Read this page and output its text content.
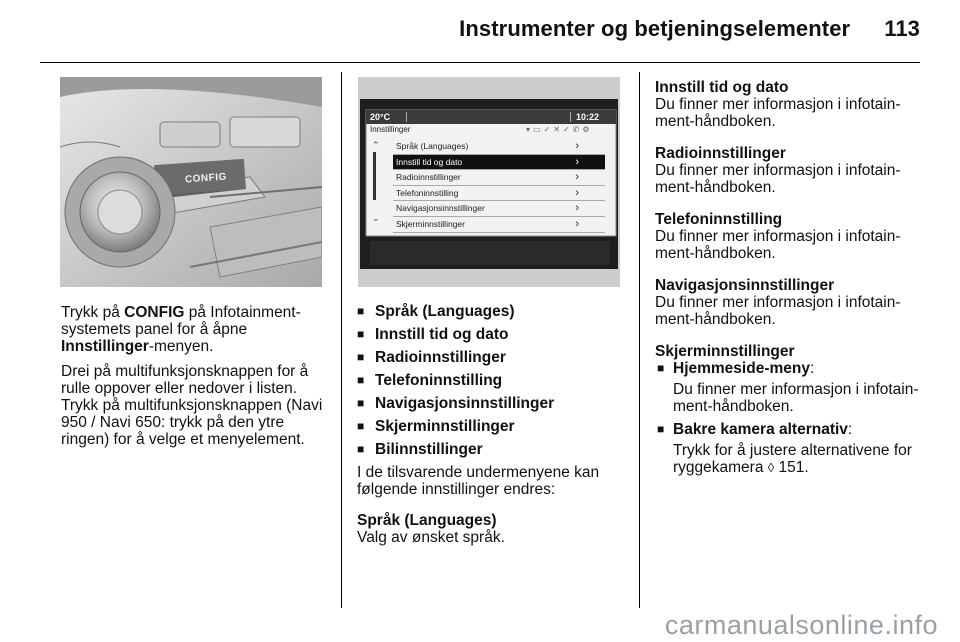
Instrumenter og betjeningselementer 113
CONFIG
20°C	10:22
Innstillinger	▾▭✓✕✓✆⚙
⌃
⌄
Språk (Languages)	›
Innstill tid og dato	›
Radioinnstillinger	›
Telefoninnstilling	›
Navigasjonsinnstillinger	›
Skjerminnstillinger	›

Trykk på CONFIG på Infotainment-systemets panel for å åpne Innstillinger-menyen.

Drei på multifunksjonsknappen for å rulle oppover eller nedover i listen. Trykk på multifunksjonsknappen (Navi 950 / Navi 650: trykk på den ytre ringen) for å velge et menyelement.

■ Språk (Languages)
■ Innstill tid og dato
■ Radioinnstillinger
■ Telefoninnstilling
■ Navigasjonsinnstillinger
■ Skjerminnstillinger
■ Bilinnstillinger

I de tilsvarende undermenyene kan følgende innstillinger endres:

Språk (Languages)
Valg av ønsket språk.
Innstill tid og dato
Du finner mer informasjon i infotain-ment-håndboken.
Radioinnstillinger
Du finner mer informasjon i infotain-ment-håndboken.
Telefoninnstilling
Du finner mer informasjon i infotain-ment-håndboken.
Navigasjonsinnstillinger
Du finner mer informasjon i infotain-ment-håndboken.
Skjerminnstillinger
■ Hjemmeside-meny:
Du finner mer informasjon i infotain-ment-håndboken.
■ Bakre kamera alternativ:
Trykk for å justere alternativene for ryggekamera ◊ 151.
carmanualsonline.info
